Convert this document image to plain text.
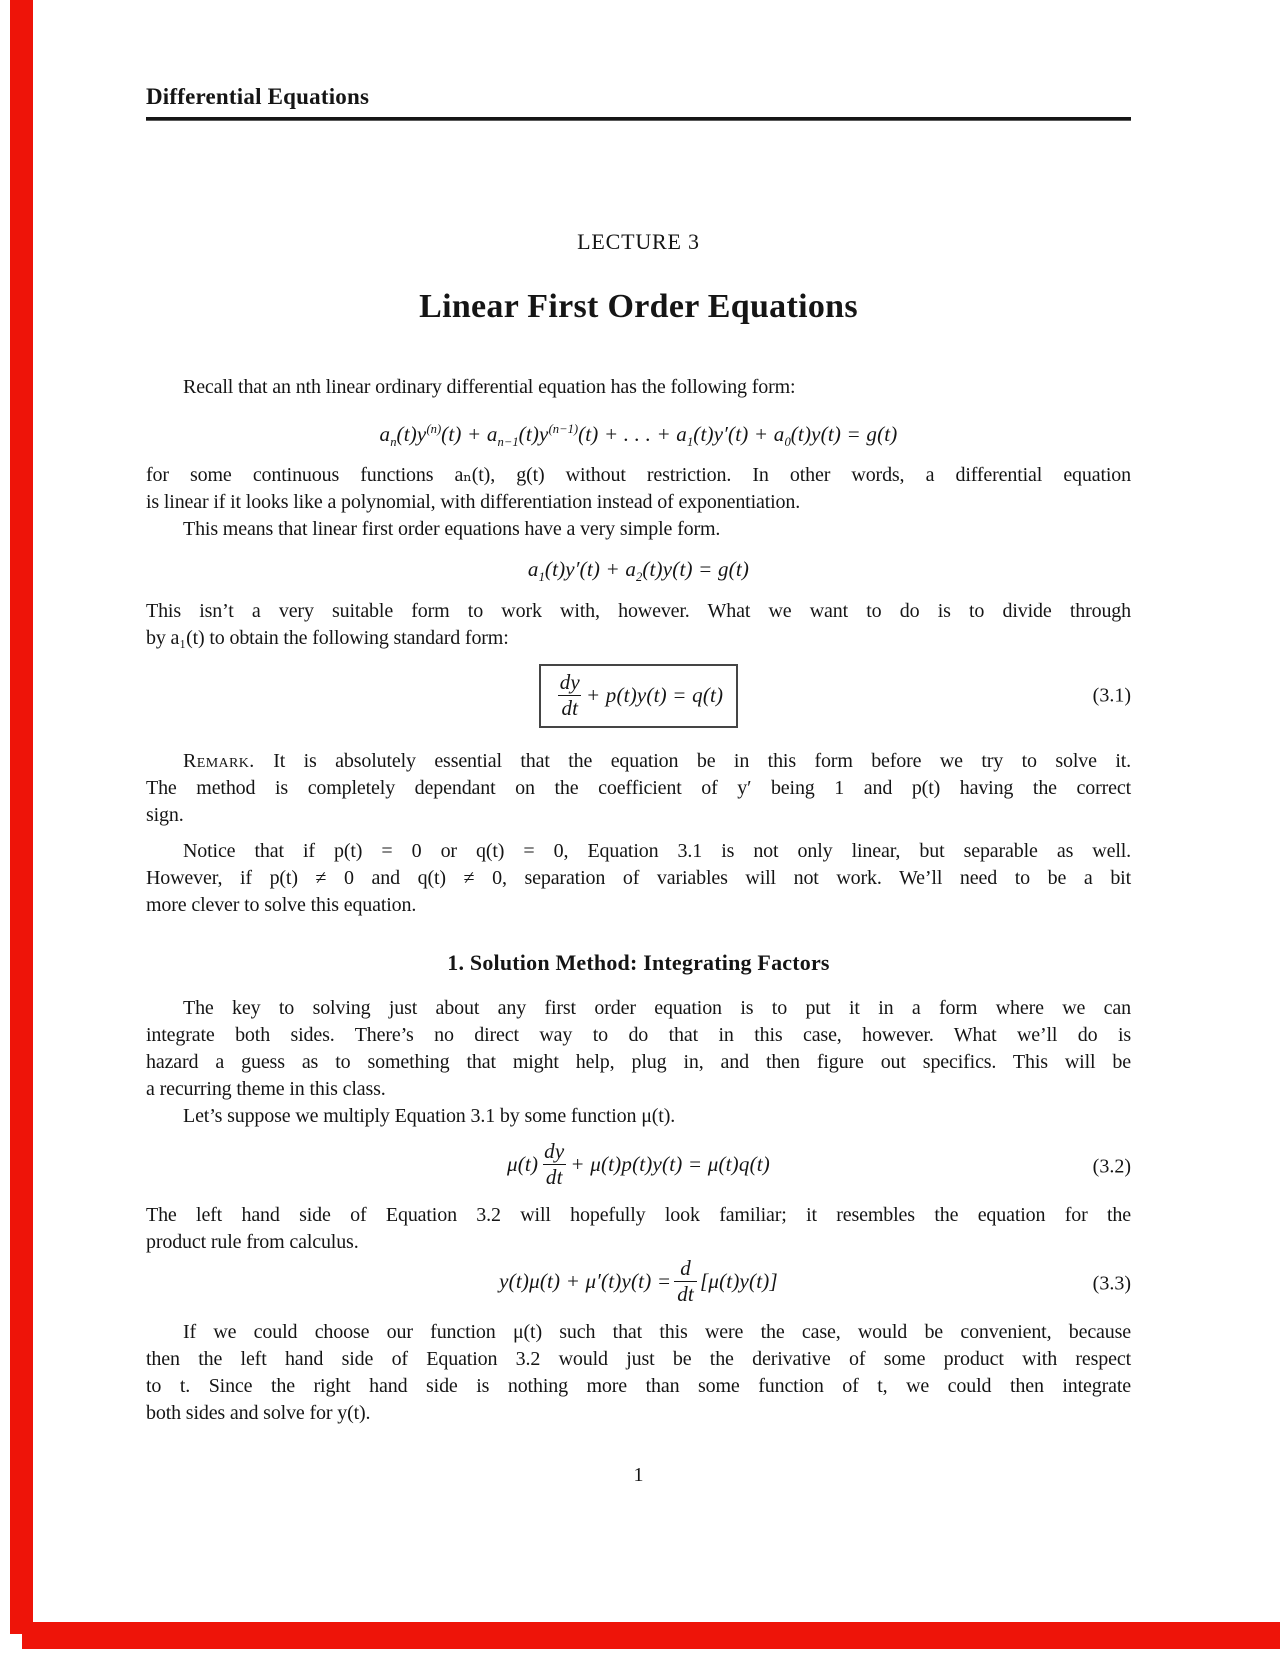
Differential Equations
LECTURE 3
Linear First Order Equations
Recall that an nth linear ordinary differential equation has the following form:
$a_n(t)y^{(n)}(t) + a_{n-1}(t)y^{(n-1)}(t)$ + . . . + $a_1(t)y'(t) + a_0(t)y(t) = g(t)$
for some continuous functions aₙ(t), g(t) without restriction. In other words, a differential equation
is linear if it looks like a polynomial, with differentiation instead of exponentiation.
This means that linear first order equations have a very simple form.
$a_1(t)y'(t) + a_2(t)y(t) = g(t)$
This isn’t a very suitable form to work with, however. What we want to do is to divide through
by a₁(t) to obtain the following standard form:
$\frac{dy}{dt} + p(t)y(t) = q(t)$	(3.1)
Remark. It is absolutely essential that the equation be in this form before we try to solve it.
The method is completely dependant on the coefficient of y′ being 1 and p(t) having the correct
sign.
Notice that if p(t) = 0 or q(t) = 0, Equation 3.1 is not only linear, but separable as well.
However, if p(t) ≠ 0 and q(t) ≠ 0, separation of variables will not work. We’ll need to be a bit
more clever to solve this equation.
1. Solution Method: Integrating Factors
The key to solving just about any first order equation is to put it in a form where we can
integrate both sides. There’s no direct way to do that in this case, however. What we’ll do is
hazard a guess as to something that might help, plug in, and then figure out specifics. This will be
a recurring theme in this class.
Let’s suppose we multiply Equation 3.1 by some function μ(t).
$\mu(t) \frac{dy}{dt} + \mu(t)p(t)y(t) = \mu(t)q(t)$	(3.2)
The left hand side of Equation 3.2 will hopefully look familiar; it resembles the equation for the
product rule from calculus.
$y(t)\mu(t) + \mu'(t)y(t) = \frac{d}{dt} [\mu(t)y(t)]$	(3.3)
If we could choose our function μ(t) such that this were the case, would be convenient, because
then the left hand side of Equation 3.2 would just be the derivative of some product with respect
to t. Since the right hand side is nothing more than some function of t, we could then integrate
both sides and solve for y(t).
1
